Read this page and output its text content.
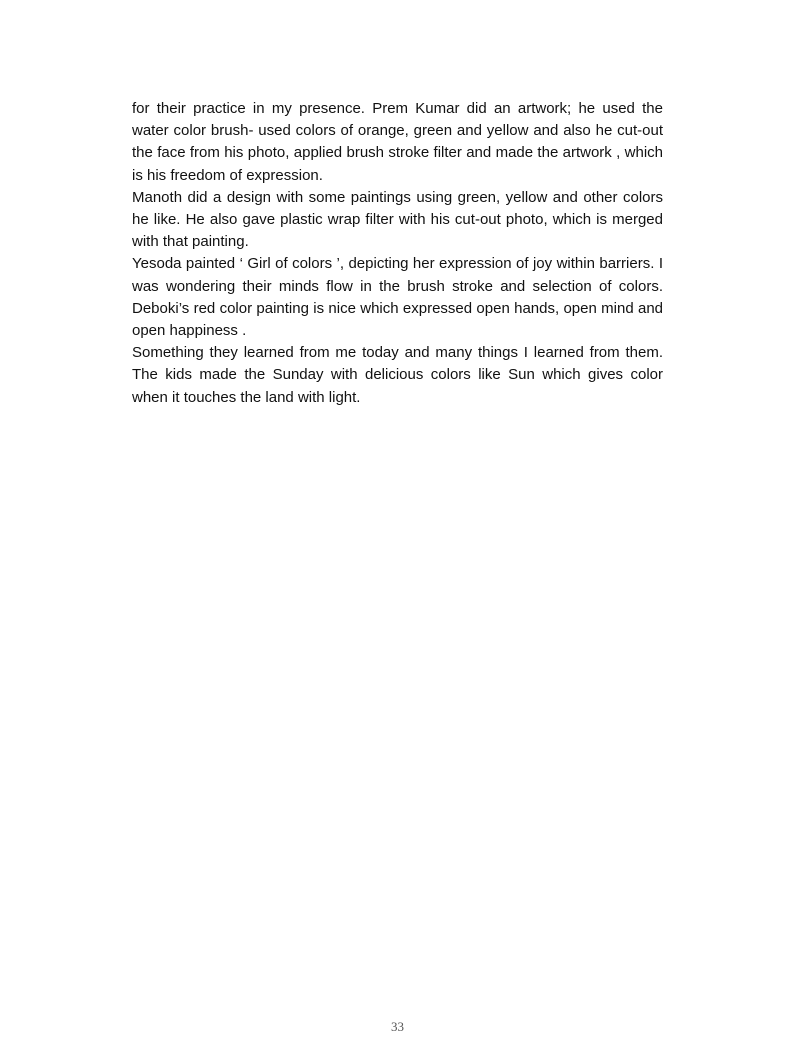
for their practice in my presence. Prem Kumar did an artwork; he used the water color brush- used colors of orange, green and yellow and also he cut-out the face from his photo, applied brush stroke filter and made the artwork , which is his freedom of expression.

Manoth did a design with some paintings using green, yellow and other colors he like. He also gave plastic wrap filter with his cut-out photo, which is merged with that painting.

Yesoda painted ‘ Girl of colors ’, depicting her expression of joy within barriers. I was wondering their minds flow in the brush stroke and selection of colors. Deboki’s red color painting is nice which expressed open hands, open mind and open happiness .

Something they learned from me today and many things I learned from them. The kids made the Sunday with delicious colors like Sun which gives color when it touches the land with light.

33
